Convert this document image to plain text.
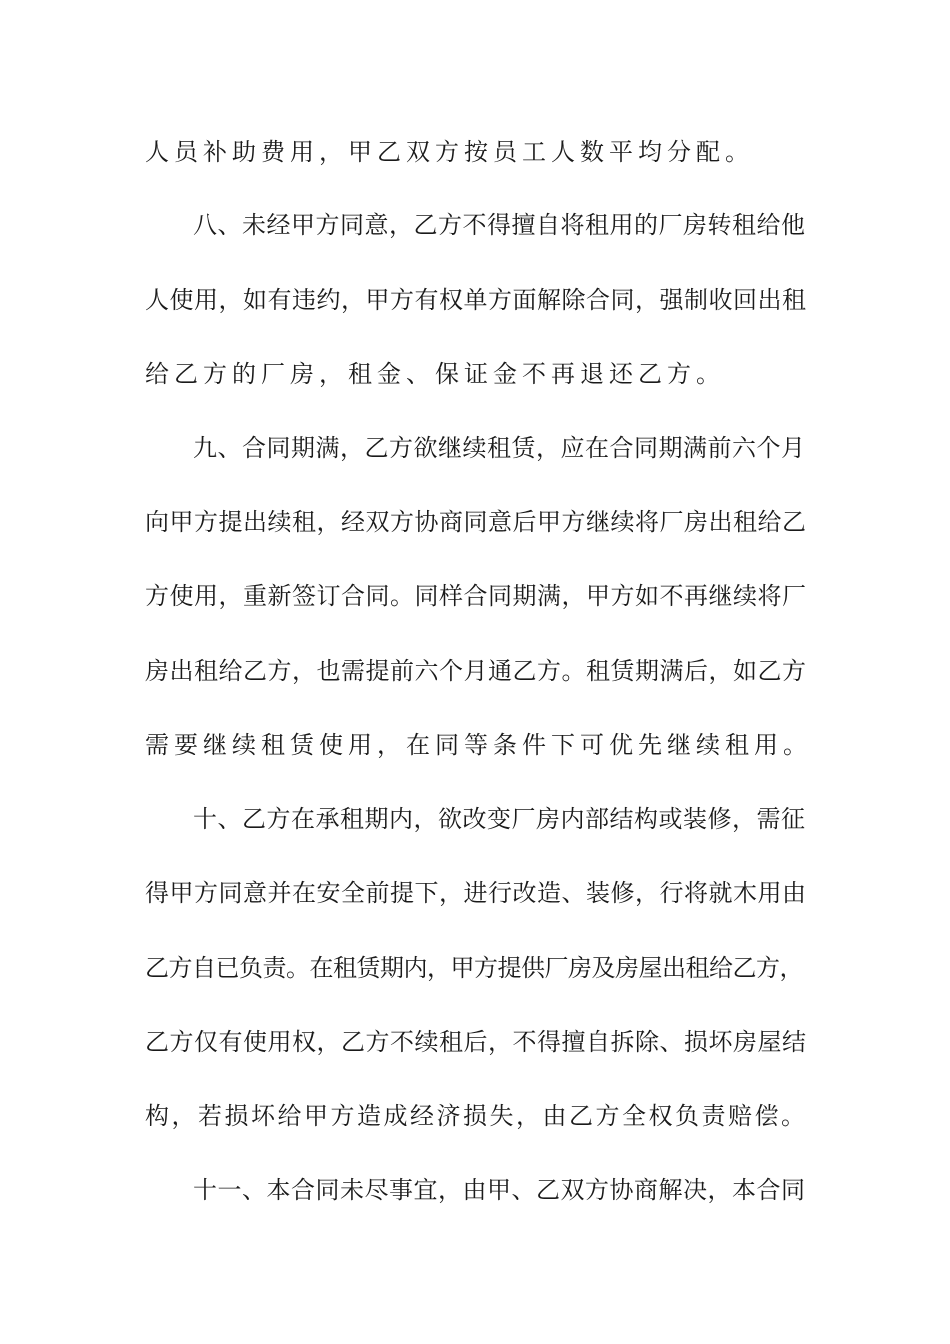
人员补助费用，甲乙双方按员工人数平均分配。
八、未经甲方同意，乙方不得擅自将租用的厂房转租给他
人使用，如有违约，甲方有权单方面解除合同，强制收回出租
给乙方的厂房，租金、保证金不再退还乙方。
九、合同期满，乙方欲继续租赁，应在合同期满前六个月
向甲方提出续租，经双方协商同意后甲方继续将厂房出租给乙
方使用，重新签订合同。同样合同期满，甲方如不再继续将厂
房出租给乙方，也需提前六个月通乙方。租赁期满后，如乙方
需要继续租赁使用，在同等条件下可优先继续租用。
十、乙方在承租期内，欲改变厂房内部结构或装修，需征
得甲方同意并在安全前提下，进行改造、装修，行将就木用由
乙方自已负责。在租赁期内，甲方提供厂房及房屋出租给乙方，
乙方仅有使用权，乙方不续租后，不得擅自拆除、损坏房屋结
构，若损坏给甲方造成经济损失，由乙方全权负责赔偿。
十一、本合同未尽事宜，由甲、乙双方协商解决，本合同
